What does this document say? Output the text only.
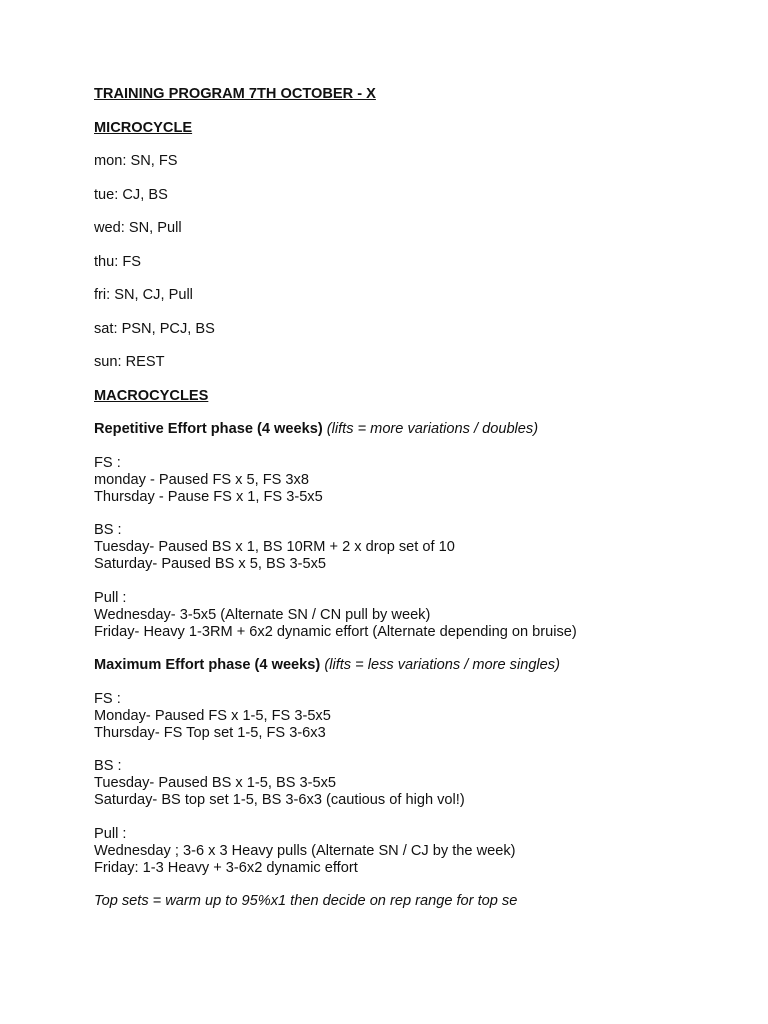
TRAINING PROGRAM 7TH OCTOBER - X

MICROCYCLE

mon: SN, FS

tue: CJ, BS

wed: SN, Pull

thu: FS

fri: SN, CJ, Pull

sat: PSN, PCJ, BS

sun: REST

MACROCYCLES

Repetitive Effort phase (4 weeks) (lifts = more variations / doubles)

FS :

monday - Paused FS x 5, FS 3x8

Thursday - Pause FS x 1, FS 3-5x5

BS :

Tuesday- Paused BS x 1, BS 10RM + 2 x drop set of 10

Saturday- Paused BS x 5, BS 3-5x5

Pull :

Wednesday- 3-5x5 (Alternate SN / CN pull by week)

Friday- Heavy 1-3RM + 6x2 dynamic effort (Alternate depending on bruise)

Maximum Effort phase (4 weeks) (lifts = less variations / more singles)

FS :

Monday- Paused FS x 1-5, FS 3-5x5

Thursday- FS Top set 1-5, FS 3-6x3

BS :

Tuesday- Paused BS x 1-5, BS 3-5x5

Saturday- BS top set 1-5, BS 3-6x3 (cautious of high vol!)

Pull :

Wednesday ; 3-6 x 3 Heavy pulls (Alternate SN / CJ by the week)

Friday: 1-3 Heavy + 3-6x2 dynamic effort

Top sets = warm up to 95%x1 then decide on rep range for top se
